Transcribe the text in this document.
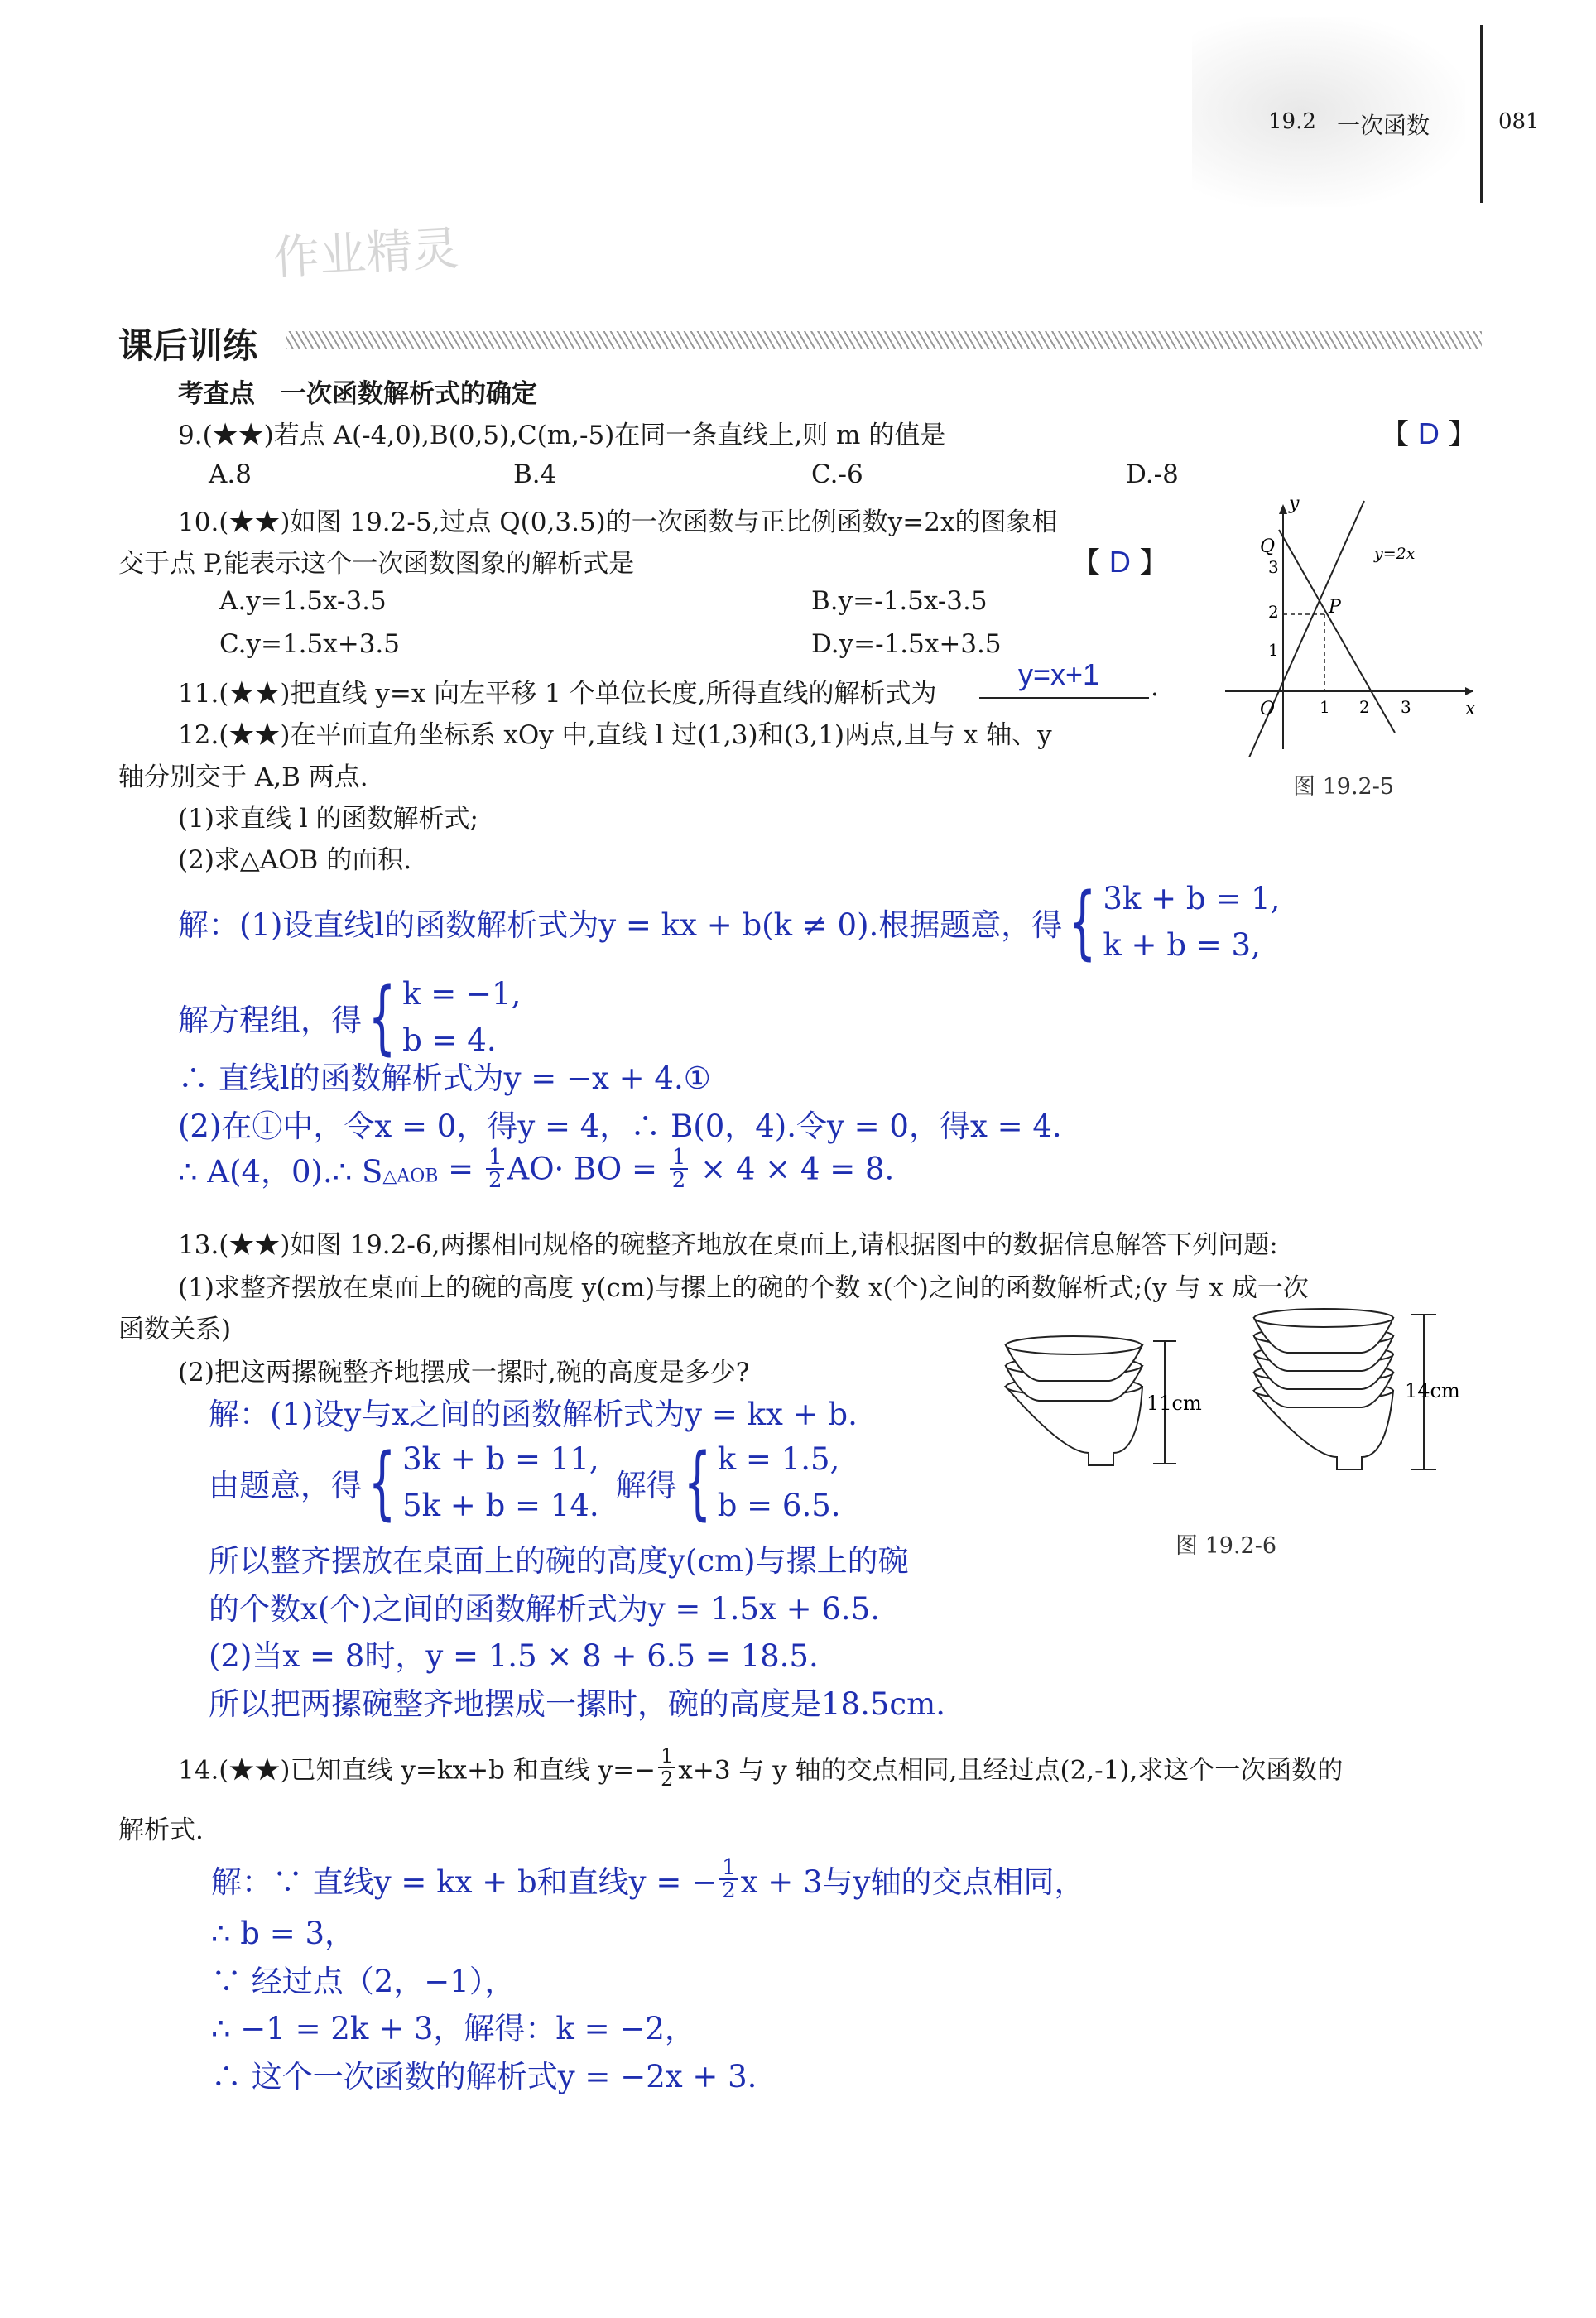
19.2 一次函数	081
作业精灵
课后训练
考查点　一次函数解析式的确定
9.(★★)若点 A(-4,0),B(0,5),C(m,-5)在同一条直线上,则 m 的值是	【 D 】
A.8	B.4	C.-6	D.-8
10.(★★)如图 19.2-5,过点 Q(0,3.5)的一次函数与正比例函数y=2x的图象相
交于点 P,能表示这个一次函数图象的解析式是	【 D 】
A.y=1.5x-3.5	B.y=-1.5x-3.5
C.y=1.5x+3.5	D.y=-1.5x+3.5
y
x
O
Q
P
y=2x
1
2
3
1 2 3
图 19.2-5
11.(★★)把直线 y=x 向左平移 1 个单位长度,所得直线的解析式为
y=x+1 .
12.(★★)在平面直角坐标系 xOy 中,直线 l 过(1,3)和(3,1)两点,且与 x 轴、y
轴分别交于 A,B 两点.
(1)求直线 l 的函数解析式;
(2)求△AOB 的面积.
解：(1)设直线l的函数解析式为y = kx + b(k ≠ 0).根据题意，得{ 3k + b = 1,
k + b = 3,
解方程组，得{ k = −1,
b = 4.
∴ 直线l的函数解析式为y = −x + 4.①
(2)在①中，令x = 0，得y = 4，∴ B(0，4).令y = 0，得x = 4.
∴ A(4，0).∴ $S_{\triangle AOB} = \frac{1}{2} AO\cdot$ BO = $\frac{1}{2} \times 4 \times 4 = 8$.
13.(★★)如图 19.2-6,两摞相同规格的碗整齐地放在桌面上,请根据图中的数据信息解答下列问题:
(1)求整齐摆放在桌面上的碗的高度 y(cm)与摞上的碗的个数 x(个)之间的函数解析式;(y 与 x 成一次
函数关系)
(2)把这两摞碗整齐地摆成一摞时,碗的高度是多少?
11cm
14cm
图 19.2-6
解：(1)设y与x之间的函数解析式为y = kx + b.
由题意，得{ 3k + b = 11,
5k + b = 14.
解得{ k = 1.5,
b = 6.5.
所以整齐摆放在桌面上的碗的高度y(cm)与摞上的碗
的个数x(个)之间的函数解析式为y = 1.5x + 6.5.
(2)当x = 8时，y = 1.5 × 8 + 6.5 = 18.5.
所以把两摞碗整齐地摆成一摞时，碗的高度是18.5cm.
14.(★★)已知直线 y=kx+b 和直线 $y=- \frac{1}{2} x+3$ 与 y 轴的交点相同,且经过点(2,-1),求这个一次函数的
解析式.
解：∵ 直线y = kx + b和直线y = − $\frac{1}{2}$ x + 3与y轴的交点相同，
∴ b = 3，
∵ 经过点（2，−1），
∴ −1 = 2k + 3，解得：k = −2，
∴ 这个一次函数的解析式y = −2x + 3.
